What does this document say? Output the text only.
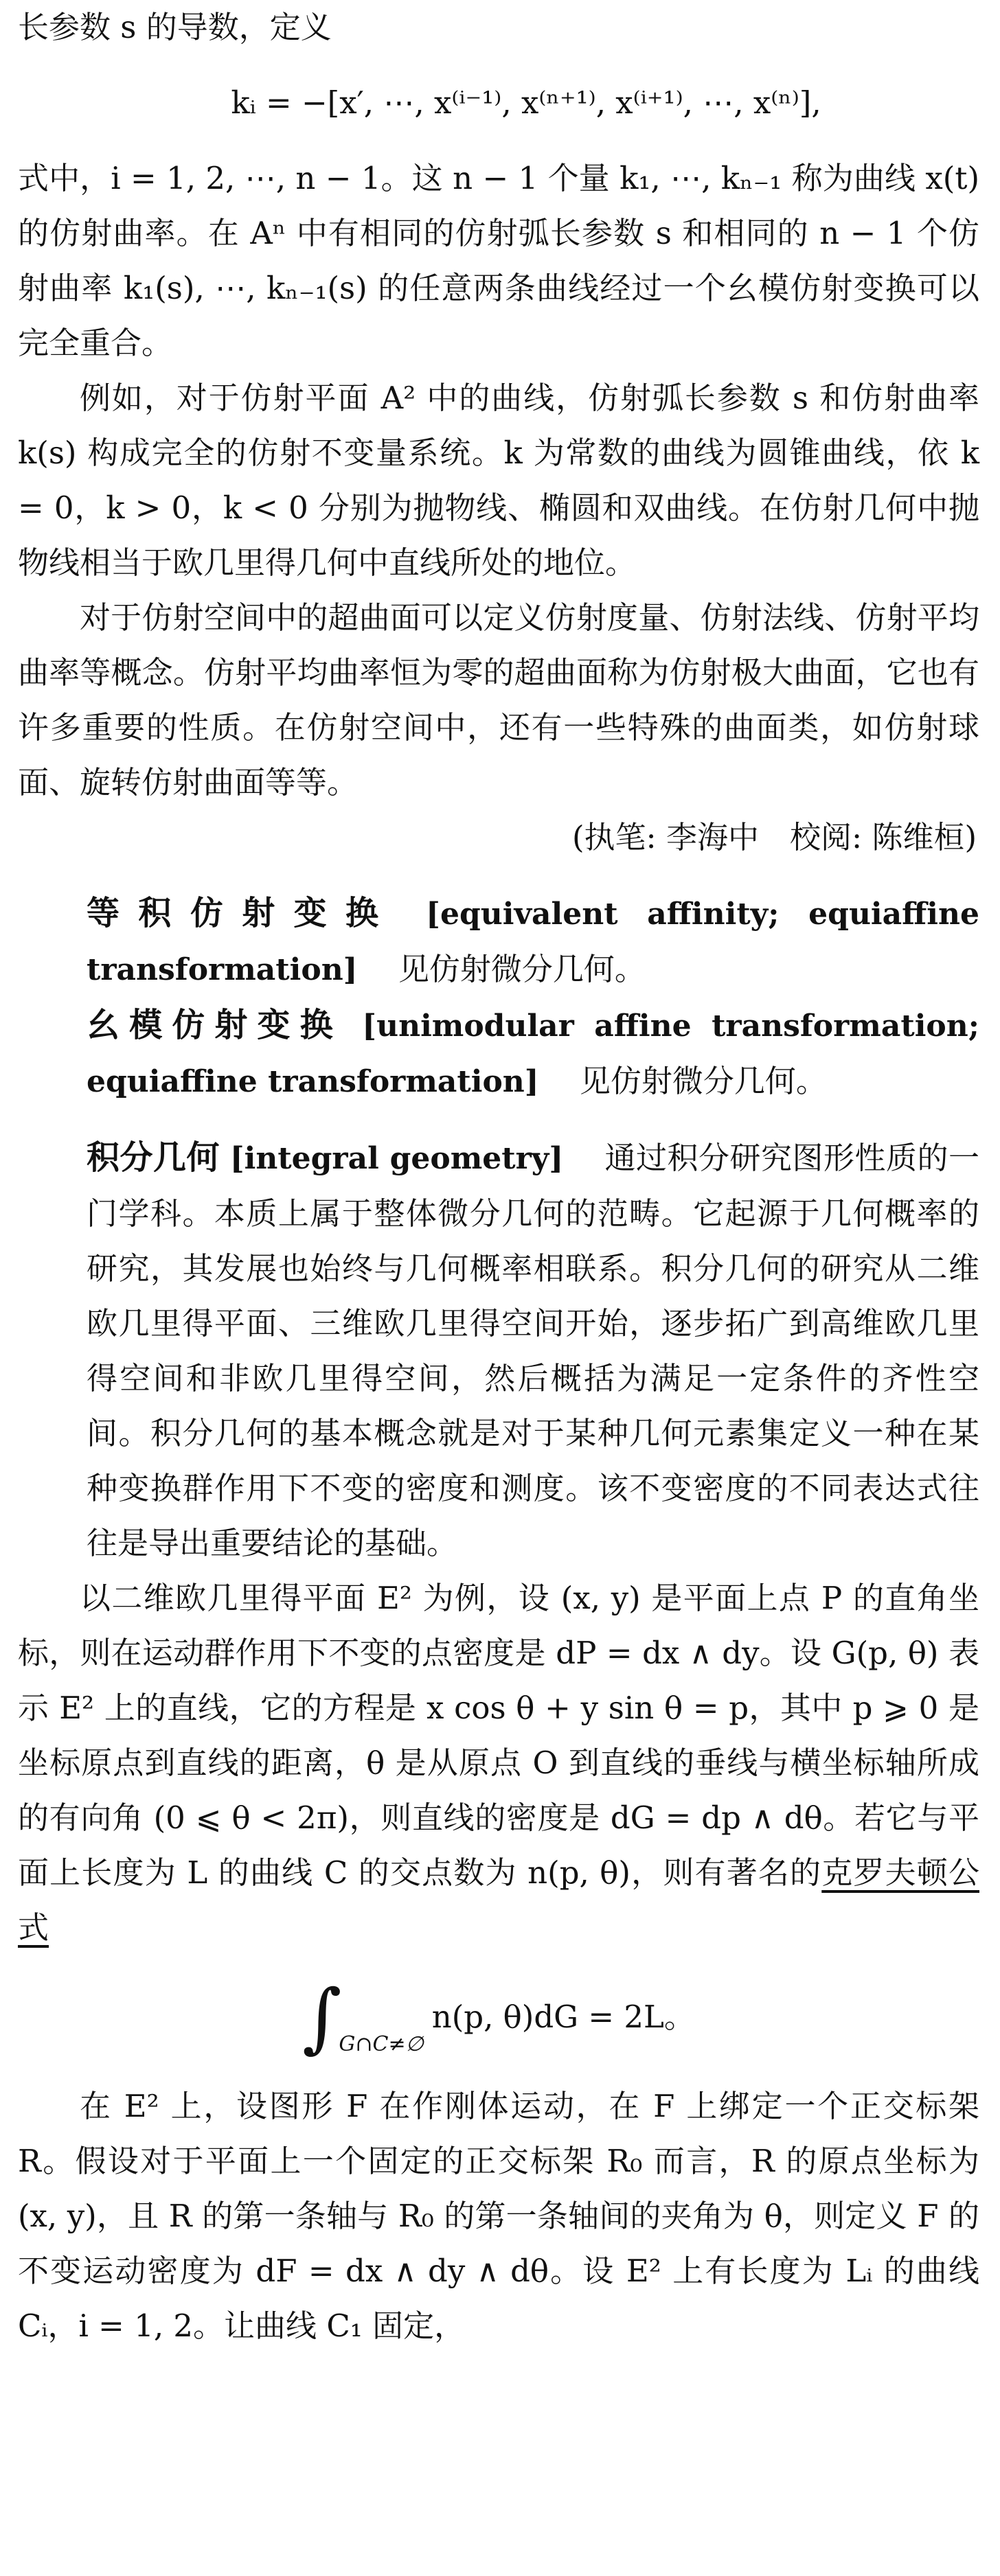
长参数 s 的导数，定义

kᵢ = −[x′, ⋯, x⁽ⁱ⁻¹⁾, x⁽ⁿ⁺¹⁾, x⁽ⁱ⁺¹⁾, ⋯, x⁽ⁿ⁾],

式中，i = 1, 2, ⋯, n − 1。这 n − 1 个量 k₁, ⋯, kₙ₋₁ 称为曲线 x(t) 的仿射曲率。在 Aⁿ 中有相同的仿射弧长参数 s 和相同的 n − 1 个仿射曲率 k₁(s), ⋯, kₙ₋₁(s) 的任意两条曲线经过一个幺模仿射变换可以完全重合。

例如，对于仿射平面 A² 中的曲线，仿射弧长参数 s 和仿射曲率 k(s) 构成完全的仿射不变量系统。k 为常数的曲线为圆锥曲线，依 k = 0，k > 0，k < 0 分别为抛物线、椭圆和双曲线。在仿射几何中抛物线相当于欧几里得几何中直线所处的地位。

对于仿射空间中的超曲面可以定义仿射度量、仿射法线、仿射平均曲率等概念。仿射平均曲率恒为零的超曲面称为仿射极大曲面，它也有许多重要的性质。在仿射空间中，还有一些特殊的曲面类，如仿射球面、旋转仿射曲面等等。

(执笔: 李海中　校阅: 陈维桓)

等积仿射变换 [equivalent affinity; equiaffine transformation] 　 见仿射微分几何。

幺模仿射变换 [unimodular affine transformation; equiaffine transformation] 　 见仿射微分几何。

积分几何 [integral geometry] 　 通过积分研究图形性质的一门学科。本质上属于整体微分几何的范畴。它起源于几何概率的研究，其发展也始终与几何概率相联系。积分几何的研究从二维欧几里得平面、三维欧几里得空间开始，逐步拓广到高维欧几里得空间和非欧几里得空间，然后概括为满足一定条件的齐性空间。积分几何的基本概念就是对于某种几何元素集定义一种在某种变换群作用下不变的密度和测度。该不变密度的不同表达式往往是导出重要结论的基础。

以二维欧几里得平面 E² 为例，设 (x, y) 是平面上点 P 的直角坐标，则在运动群作用下不变的点密度是 dP = dx ∧ dy。设 G(p, θ) 表示 E² 上的直线，它的方程是 x cos θ + y sin θ = p，其中 p ⩾ 0 是坐标原点到直线的距离，θ 是从原点 O 到直线的垂线与横坐标轴所成的有向角 (0 ⩽ θ < 2π)，则直线的密度是 dG = dp ∧ dθ。若它与平面上长度为 L 的曲线 C 的交点数为 n(p, θ)，则有著名的克罗夫顿公式

∫
G∩C≠∅
n(p, θ)dG = 2L。

在 E² 上，设图形 F 在作刚体运动，在 F 上绑定一个正交标架 R。假设对于平面上一个固定的正交标架 R₀ 而言，R 的原点坐标为 (x, y)，且 R 的第一条轴与 R₀ 的第一条轴间的夹角为 θ，则定义 F 的不变运动密度为 dF = dx ∧ dy ∧ dθ。设 E² 上有长度为 Lᵢ 的曲线 Cᵢ，i = 1, 2。让曲线 C₁ 固定，
